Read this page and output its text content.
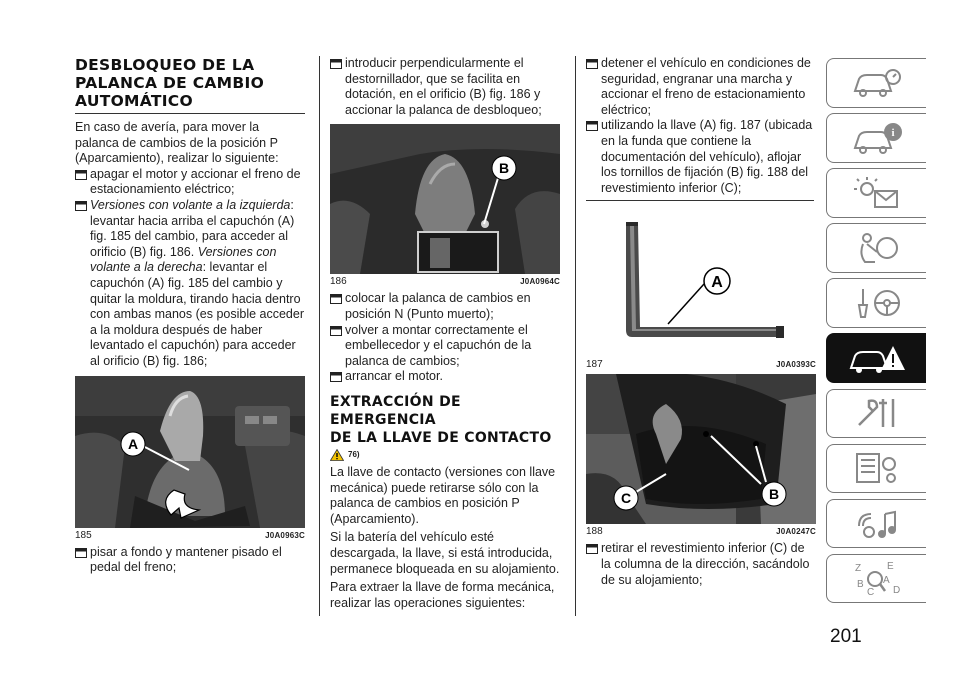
DESBLOQUEO DE LA
PALANCA DE CAMBIO
AUTOMÁTICO

En caso de avería, para mover la palanca de cambios de la posición P (Aparcamiento), realizar lo siguiente:

apagar el motor y accionar el freno de estacionamiento eléctrico;
Versiones con volante a la izquierda: levantar hacia arriba el capuchón (A) fig. 185 del cambio, para acceder al orificio (B) fig. 186. Versiones con volante a la derecha: levantar el capuchón (A) fig. 185 del cambio y quitar la moldura, tirando hacia dentro con ambas manos (es posible acceder a la moldura después de haber levantado el capuchón) para acceder al orificio (B) fig. 186;
A
185	J0A0963C
pisar a fondo y mantener pisado el pedal del freno;
introducir perpendicularmente el destornillador, que se facilita en dotación, en el orificio (B) fig. 186 y accionar la palanca de desbloqueo;
B
186	J0A0964C
colocar la palanca de cambios en posición N (Punto muerto);
volver a montar correctamente el embellecedor y el capuchón de la palanca de cambios;
arrancar el motor.
EXTRACCIÓN DE EMERGENCIA
DE LA LLAVE DE CONTACTO
76)

La llave de contacto (versiones con llave mecánica) puede retirarse sólo con la palanca de cambios en posición P (Aparcamiento).

Si la batería del vehículo esté descargada, la llave, si está introducida, permanece bloqueada en su alojamiento.

Para extraer la llave de forma mecánica, realizar las operaciones siguientes:

detener el vehículo en condiciones de seguridad, engranar una marcha y accionar el freno de estacionamiento eléctrico;
utilizando la llave (A) fig. 187 (ubicada en la funda que contiene la documentación del vehículo), aflojar los tornillos de fijación (B) fig. 188 del revestimiento inferior (C);
A
187	J0A0393C
C	B
188	J0A0247C
retirar el revestimiento inferior (C) de la columna de la dirección, sacándolo de su alojamiento;
i
Z	E
A
B
C D
201
